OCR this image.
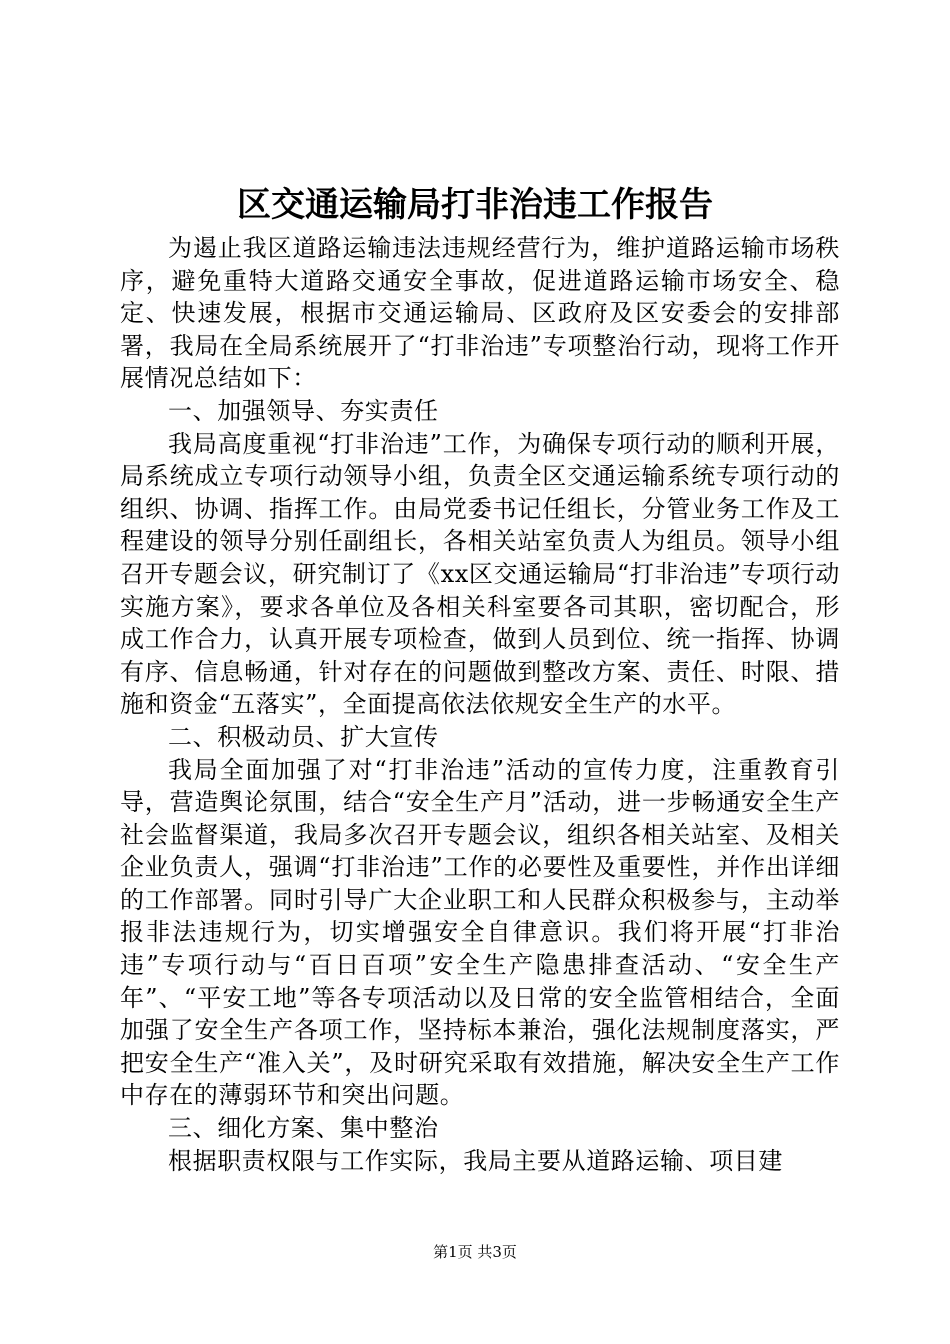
区交通运输局打非治违工作报告

为遏止我区道路运输违法违规经营行为，维护道路运输市场秩序，避免重特大道路交通安全事故，促进道路运输市场安全、稳定、快速发展，根据市交通运输局、区政府及区安委会的安排部署，我局在全局系统展开了“打非治违”专项整治行动，现将工作开展情况总结如下：

一、加强领导、夯实责任

我局高度重视“打非治违”工作，为确保专项行动的顺利开展，局系统成立专项行动领导小组，负责全区交通运输系统专项行动的组织、协调、指挥工作。由局党委书记任组长，分管业务工作及工程建设的领导分别任副组长，各相关站室负责人为组员。领导小组召开专题会议，研究制订了《xx区交通运输局“打非治违”专项行动实施方案》，要求各单位及各相关科室要各司其职，密切配合，形成工作合力，认真开展专项检查，做到人员到位、统一指挥、协调有序、信息畅通，针对存在的问题做到整改方案、责任、时限、措施和资金“五落实”，全面提高依法依规安全生产的水平。

二、积极动员、扩大宣传

我局全面加强了对“打非治违”活动的宣传力度，注重教育引导，营造舆论氛围，结合“安全生产月”活动，进一步畅通安全生产社会监督渠道，我局多次召开专题会议，组织各相关站室、及相关企业负责人，强调“打非治违”工作的必要性及重要性，并作出详细的工作部署。同时引导广大企业职工和人民群众积极参与，主动举报非法违规行为，切实增强安全自律意识。我们将开展“打非治违”专项行动与“百日百项”安全生产隐患排查活动、“安全生产年”、“平安工地”等各专项活动以及日常的安全监管相结合，全面加强了安全生产各项工作，坚持标本兼治，强化法规制度落实，严把安全生产“准入关”，及时研究采取有效措施，解决安全生产工作中存在的薄弱环节和突出问题。

三、细化方案、集中整治

根据职责权限与工作实际，我局主要从道路运输、项目建

第1页 共3页
